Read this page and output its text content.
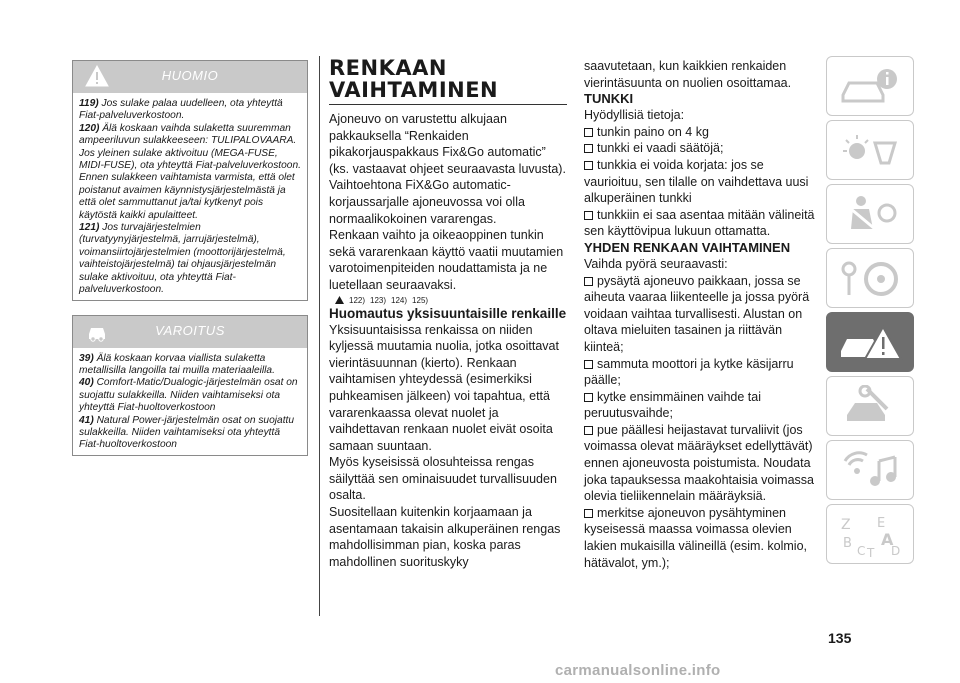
HUOMIO

119) Jos sulake palaa uudelleen, ota yhteyttä Fiat-palveluverkostoon.

120) Älä koskaan vaihda sulaketta suuremman ampeeriluvun sulakkeeseen: TULIPALOVAARA. Jos yleinen sulake aktivoituu (MEGA-FUSE, MIDI-FUSE), ota yhteyttä Fiat-palveluverkostoon. Ennen sulakkeen vaihtamista varmista, että olet poistanut avaimen käynnistysjärjestelmästä ja että olet sammuttanut ja/tai kytkenyt pois käytöstä kaikki apulaitteet.

121) Jos turvajärjestelmien (turvatyynyjärjestelmä, jarrujärjestelmä), voimansiirtojärjestelmien (moottorijärjestelmä, vaihteistojärjestelmä) tai ohjausjärjestelmän sulake aktivoituu, ota yhteyttä Fiat-palveluverkostoon.

VAROITUS

39) Älä koskaan korvaa viallista sulaketta metallisilla langoilla tai muilla materiaaleilla.

40) Comfort-Matic/Dualogic-järjestelmän osat on suojattu sulakkeilla. Niiden vaihtamiseksi ota yhteyttä Fiat-huoltoverkostoon

41) Natural Power-järjestelmän osat on suojattu sulakkeilla. Niiden vaihtamiseksi ota yhteyttä Fiat-huoltoverkostoon

RENKAAN

VAIHTAMINEN

Ajoneuvo on varustettu alkujaan pakkauksella “Renkaiden pikakorjauspakkaus Fix&Go automatic” (ks. vastaavat ohjeet seuraavasta luvusta). Vaihtoehtona FiX&Go automatic-korjaussarjalle ajoneuvossa voi olla normaalikokoinen vararengas.

Renkaan vaihto ja oikeaoppinen tunkin sekä vararenkaan käyttö vaatii muutamien varotoimenpiteiden noudattamista ja ne luetellaan seuraavaksi.

122) 123) 124) 125)

Huomautus yksisuuntaisille renkaille

Yksisuuntaisissa renkaissa on niiden kyljessä muutamia nuolia, jotka osoittavat vierintäsuunnan (kierto). Renkaan vaihtamisen yhteydessä (esimerkiksi puhkeamisen jälkeen) voi tapahtua, että vararenkaassa olevat nuolet ja vaihdettavan renkaan nuolet eivät osoita samaan suuntaan.

Myös kyseisissä olosuhteissa rengas säilyttää sen ominaisuudet turvallisuuden osalta.

Suositellaan kuitenkin korjaamaan ja asentamaan takaisin alkuperäinen rengas mahdollisimman pian, koska paras mahdollinen suorituskyky

saavutetaan, kun kaikkien renkaiden vierintäsuunta on nuolien osoittamaa.

TUNKKI

Hyödyllisiä tietoja:

tunkin paino on 4 kg

tunkki ei vaadi säätöjä;

tunkkia ei voida korjata: jos se vaurioituu, sen tilalle on vaihdettava uusi alkuperäinen tunkki

tunkkiin ei saa asentaa mitään välineitä sen käyttövipua lukuun ottamatta.

YHDEN RENKAAN VAIHTAMINEN

Vaihda pyörä seuraavasti:

pysäytä ajoneuvo paikkaan, jossa se aiheuta vaaraa liikenteelle ja jossa pyörä voidaan vaihtaa turvallisesti. Alustan on oltava mieluiten tasainen ja riittävän kiinteä;

sammuta moottori ja kytke käsijarru päälle;

kytke ensimmäinen vaihde tai peruutusvaihde;

pue päällesi heijastavat turvaliivit (jos voimassa olevat määräykset edellyttävät) ennen ajoneuvosta poistumista. Noudata joka tapauksessa maakohtaisia voimassa olevia tieliikennelain määräyksiä.

merkitse ajoneuvon pysähtyminen kyseisessä maassa voimassa olevien lakien mukaisilla välineillä (esim. kolmio, hätävalot, ym.);

Z E
A
B C T D
135
carmanualsonline.info
